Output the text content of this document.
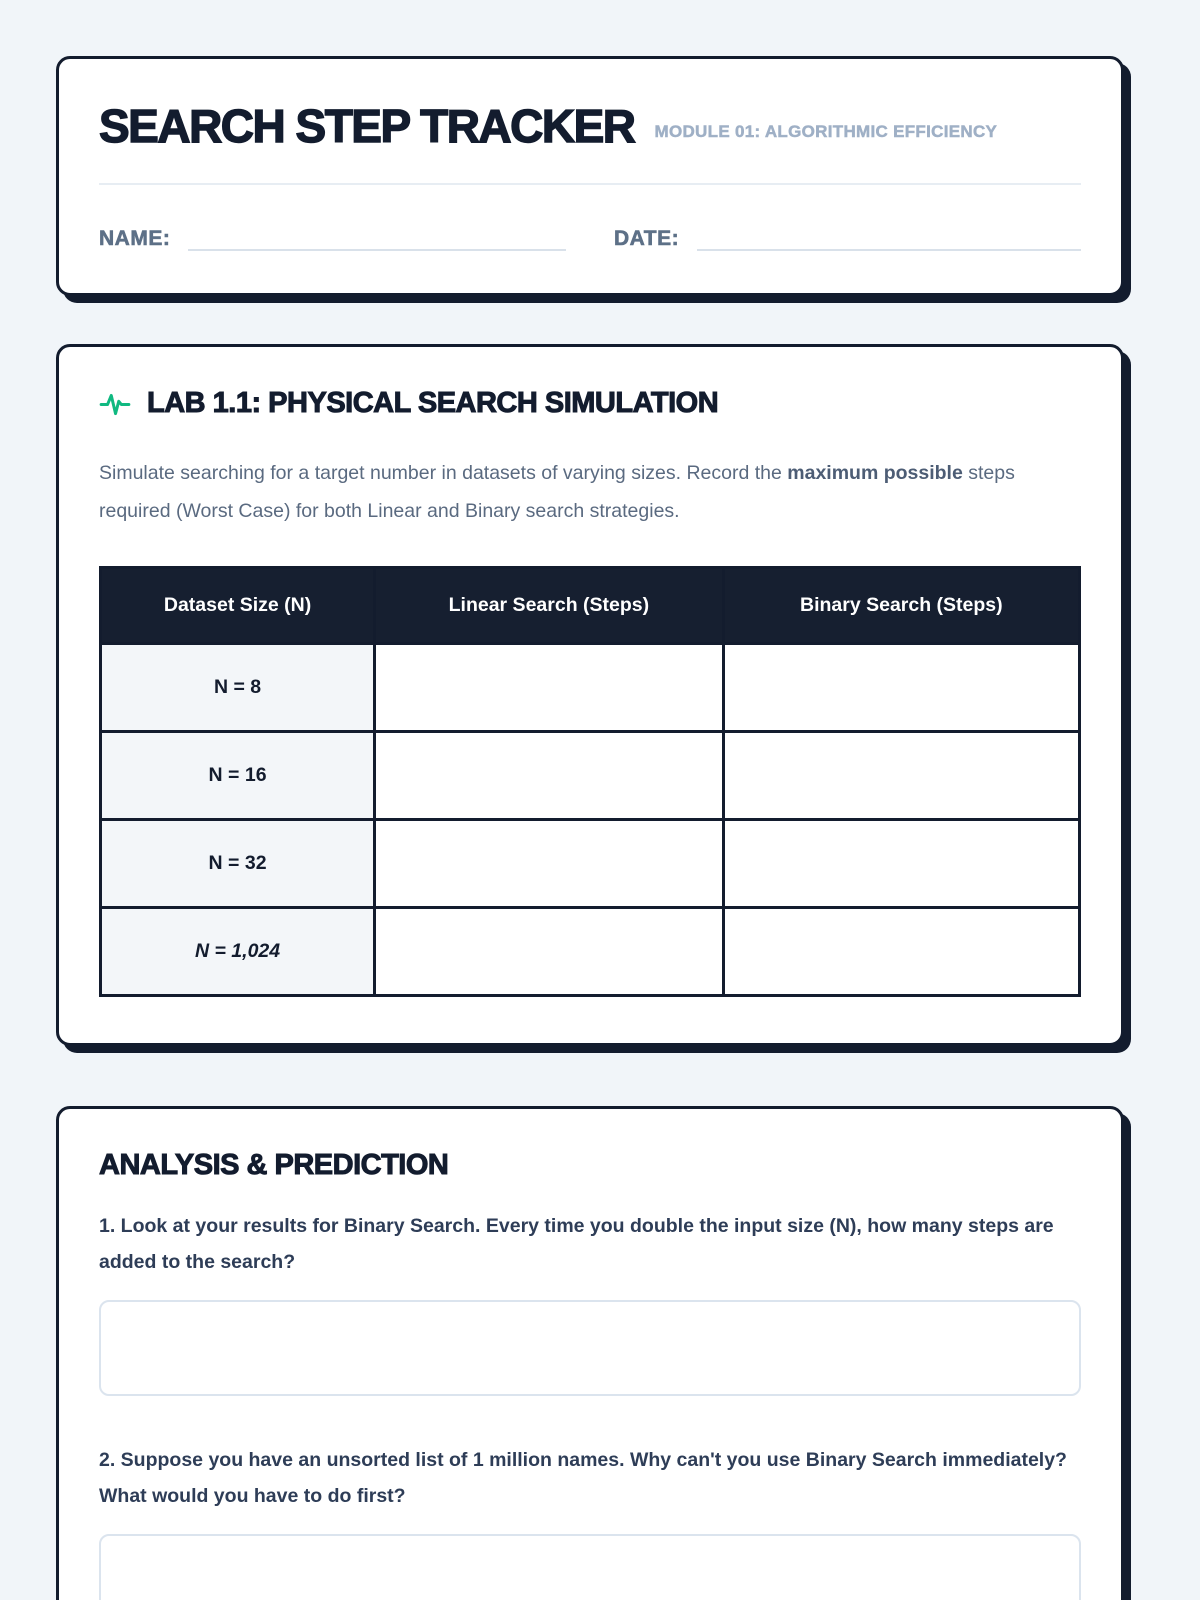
SEARCH STEP TRACKER MODULE 01: ALGORITHMIC EFFICIENCY
NAME:	DATE:
LAB 1.1: PHYSICAL SEARCH SIMULATION

Simulate searching for a target number in datasets of varying sizes. Record the maximum possible steps required (Worst Case) for both Linear and Binary search strategies.

Dataset Size (N)	Linear Search (Steps)	Binary Search (Steps)
N = 8		
N = 16		
N = 32		
N = 1,024		
ANALYSIS & PREDICTION

1. Look at your results for Binary Search. Every time you double the input size (N), how many steps are added to the search?

2. Suppose you have an unsorted list of 1 million names. Why can't you use Binary Search immediately? What would you have to do first?
